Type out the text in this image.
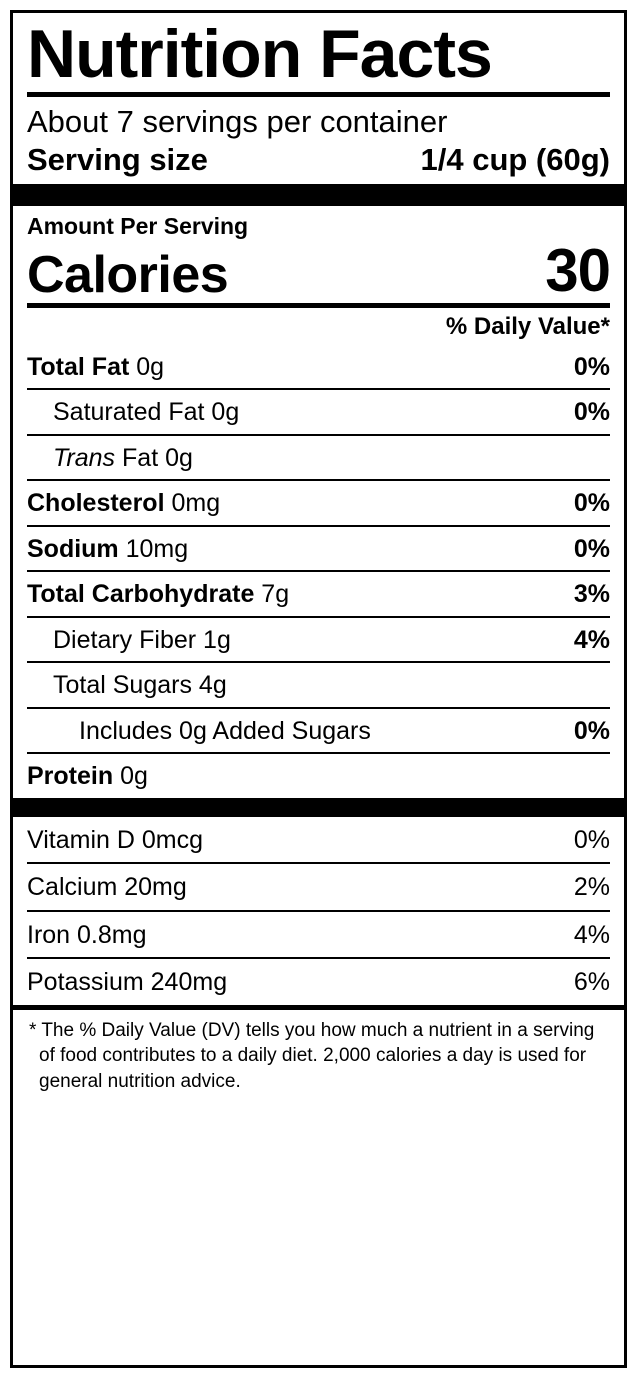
Nutrition Facts
About 7 servings per container
Serving size	1/4 cup (60g)
Amount Per Serving
Calories	30
% Daily Value*
Total Fat 0g	0%
Saturated Fat 0g	0%
Trans Fat 0g
Cholesterol 0mg	0%
Sodium 10mg	0%
Total Carbohydrate 7g	3%
Dietary Fiber 1g	4%
Total Sugars 4g
Includes 0g Added Sugars	0%
Protein 0g
Vitamin D 0mcg	0%
Calcium 20mg	2%
Iron 0.8mg	4%
Potassium 240mg	6%
* The % Daily Value (DV) tells you how much a nutrient in a serving of food contributes to a daily diet. 2,000 calories a day is used for general nutrition advice.
